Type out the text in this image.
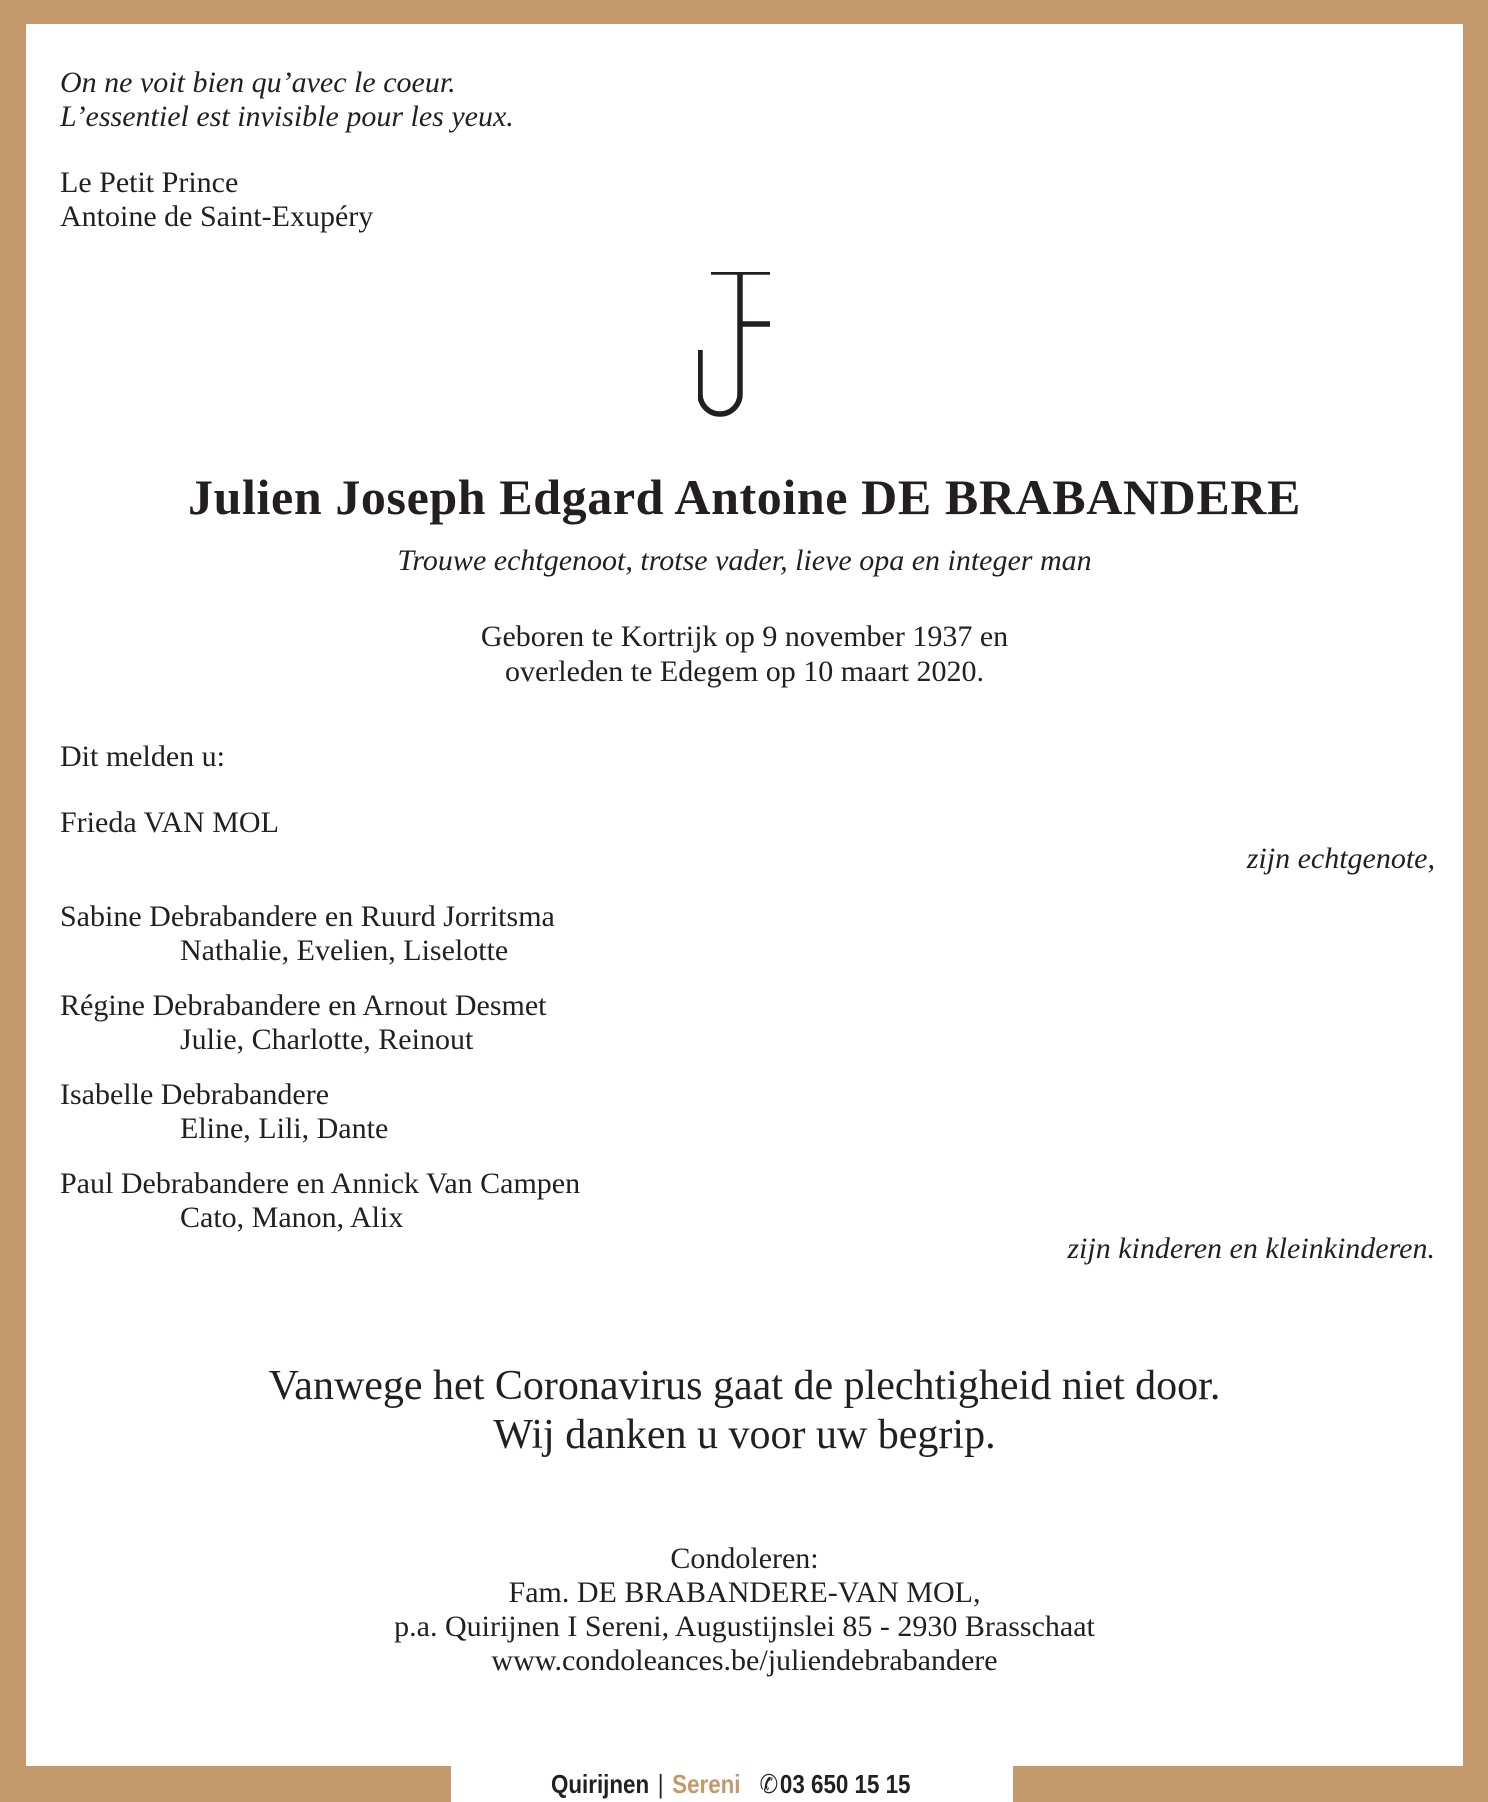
On ne voit bien qu’avec le coeur.
L’essentiel est invisible pour les yeux.
Le Petit Prince
Antoine de Saint-Exupéry
Julien Joseph Edgard Antoine DE BRABANDERE
Trouwe echtgenoot, trotse vader, lieve opa en integer man
Geboren te Kortrijk op 9 november 1937 en
overleden te Edegem op 10 maart 2020.
Dit melden u:
Frieda VAN MOL
zijn echtgenote,
Sabine Debrabandere en Ruurd Jorritsma
Nathalie, Evelien, Liselotte
Régine Debrabandere en Arnout Desmet
Julie, Charlotte, Reinout
Isabelle Debrabandere
Eline, Lili, Dante
Paul Debrabandere en Annick Van Campen
Cato, Manon, Alix
zijn kinderen en kleinkinderen.
Vanwege het Coronavirus gaat de plechtigheid niet door.
Wij danken u voor uw begrip.
Condoleren:
Fam. DE BRABANDERE-VAN MOL,
p.a. Quirijnen I Sereni, Augustijnslei 85 - 2930 Brasschaat
www.condoleances.be/juliendebrabandere
Quirijnen | Sereni ✆03 650 15 15
